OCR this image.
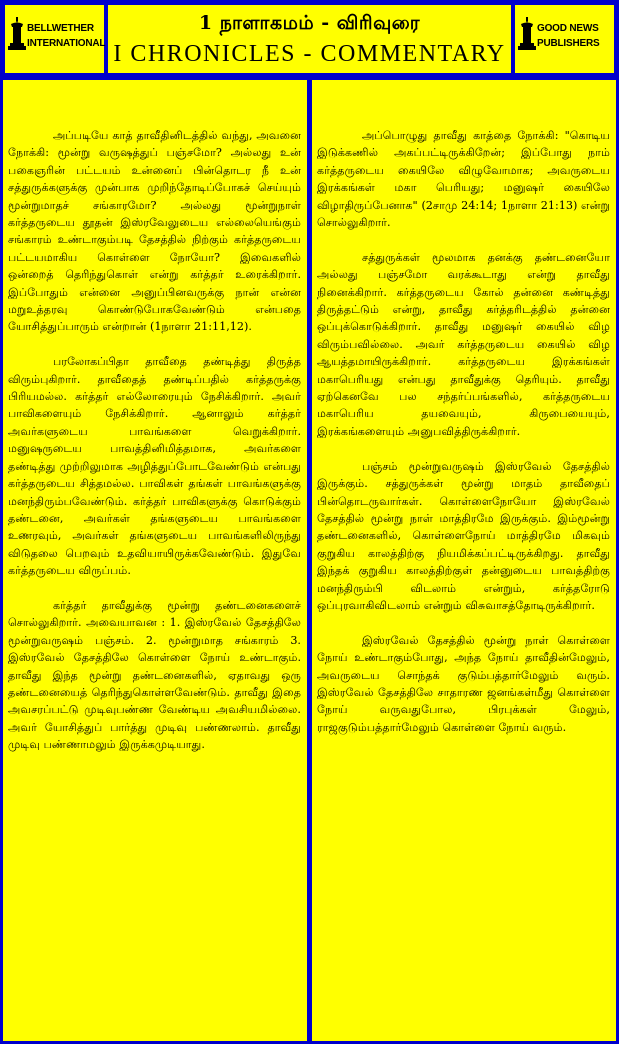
BELLWETHER
INTERNATIONAL
1 நாளாகமம் - விரிவுரை
I CHRONICLES - COMMENTARY
GOOD NEWS
PUBLISHERS

அப்படியே காத் தாவீதினிடத்தில் வந்து, அவனை நோக்கி: மூன்று வருஷத்துப் பஞ்சமோ? அல்லது உன் பகைஞரின் பட்டயம் உன்னைப் பின்தொடர நீ உன் சத்துருக்களுக்கு முன்பாக முறிந்தோடிப்போகச் செய்யும் மூன்றுமாதச் சங்காரமோ? அல்லது மூன்றுநாள் கர்த்தருடைய தூதன் இஸ்ரவேலுடைய எல்லையெங்கும் சங்காரம் உண்டாகும்படி தேசத்தில் நிற்கும் கர்த்தருடைய பட்டயமாகிய கொள்ளை நோயோ? இவைகளில் ஒன்றைத் தெரிந்துகொள் என்று கர்த்தர் உரைக்கிறார். இப்போதும் என்னை அனுப்பினவருக்கு நான் என்ன மறுஉத்தரவு கொண்டுபோகவேண்டும் என்பதை யோசித்துப்பாரும் என்றான் (1நாளா 21:11,12).

பரலோகப்பிதா தாவீதை தண்டித்து திருத்த விரும்புகிறார். தாவீதைத் தண்டிப்பதில் கர்த்தருக்கு பிரியமல்ல. கர்த்தர் எல்லோரையும் நேசிக்கிறார். அவர் பாவிகளையும் நேசிக்கிறார். ஆனாலும் கர்த்தர் அவர்களுடைய பாவங்களை வெறுக்கிறார். மனுஷருடைய பாவத்தினிமித்தமாக, அவர்களை தண்டித்து முற்றிலுமாக அழித்துப்போடவேண்டும் என்பது கர்த்தருடைய சித்தமல்ல. பாவிகள் தங்கள் பாவங்களுக்கு மனந்திரும்பவேண்டும். கர்த்தர் பாவிகளுக்கு கொடுக்கும் தண்டனை, அவர்கள் தங்களுடைய பாவங்களை உணரவும், அவர்கள் தங்களுடைய பாவங்களிலிருந்து விடுதலை பெறவும் உதவியாயிருக்கவேண்டும். இதுவே கர்த்தருடைய விருப்பம்.

கர்த்தர் தாவீதுக்கு மூன்று தண்டனைகளைச் சொல்லுகிறார். அவையாவன : 1. இஸ்ரவேல் தேசத்திலே மூன்றுவருஷம் பஞ்சம். 2. மூன்றுமாத சங்காரம் 3. இஸ்ரவேல் தேசத்திலே கொள்ளை நோய் உண்டாகும். தாவீது இந்த மூன்று தண்டனைகளில், ஏதாவது ஒரு தண்டனையைத் தெரிந்துகொள்ளவேண்டும். தாவீது இதை அவசரப்பட்டு முடிவுபண்ண வேண்டிய அவசியமில்லை. அவர் யோசித்துப் பார்த்து முடிவு பண்ணலாம். தாவீது முடிவு பண்ணாமலும் இருக்கமுடியாது.

அப்பொழுது தாவீது காத்தை நோக்கி: "கொடிய இடுக்கணில் அகப்பட்டிருக்கிறேன்; இப்போது நாம் கர்த்தருடைய கையிலே விழுவோமாக; அவருடைய இரக்கங்கள் மகா பெரியது; மனுஷர் கையிலே விழாதிருப்பேனாக" (2சாமு 24:14; 1நாளா 21:13) என்று சொல்லுகிறார்.

சத்துருக்கள் மூலமாக தனக்கு தண்டனையோ அல்லது பஞ்சமோ வரக்கூடாது என்று தாவீது நினைக்கிறார். கர்த்தருடைய கோல் தன்னை கண்டித்து திருத்தட்டும் என்று, தாவீது கர்த்தரிடத்தில் தன்னை ஒப்புக்கொடுக்கிறார். தாவீது மனுஷர் கையில் விழ விரும்பவில்லை. அவர் கர்த்தருடைய கையில் விழ ஆயத்தமாயிருக்கிறார். கர்த்தருடைய இரக்கங்கள் மகாபெரியது என்பது தாவீதுக்கு தெரியும். தாவீது ஏற்கெனவே பல சந்தர்ப்பங்களில், கர்த்தருடைய மகாபெரிய தயவையும், கிருபையையும், இரக்கங்களையும் அனுபவித்திருக்கிறார்.

பஞ்சம் மூன்றுவருஷம் இஸ்ரவேல் தேசத்தில் இருக்கும். சத்துருக்கள் மூன்று மாதம் தாவீதைப் பின்தொடருவார்கள். கொள்ளைநோயோ இஸ்ரவேல் தேசத்தில் மூன்று நாள் மாத்திரமே இருக்கும். இம்மூன்று தண்டனைகளில், கொள்ளைநோய் மாத்திரமே மிகவும் குறுகிய காலத்திற்கு நியமிக்கப்பட்டிருக்கிறது. தாவீது இந்தக் குறுகிய காலத்திற்குள் தன்னுடைய பாவத்திற்கு மனந்திரும்பி விடலாம் என்றும், கர்த்தரோடு ஒப்புரவாகிவிடலாம் என்றும் விசுவாசத்தோடிருக்கிறார்.

இஸ்ரவேல் தேசத்தில் மூன்று நாள் கொள்ளை நோய் உண்டாகும்போது, அந்த நோய் தாவீதின்மேலும், அவருடைய சொந்தக் குடும்பத்தார்மேலும் வரும். இஸ்ரவேல் தேசத்திலே சாதாரண ஜனங்கள்மீது கொள்ளை நோய் வருவதுபோல, பிரபுக்கள் மேலும், ராஜகுடும்பத்தார்மேலும் கொள்ளை நோய் வரும்.
